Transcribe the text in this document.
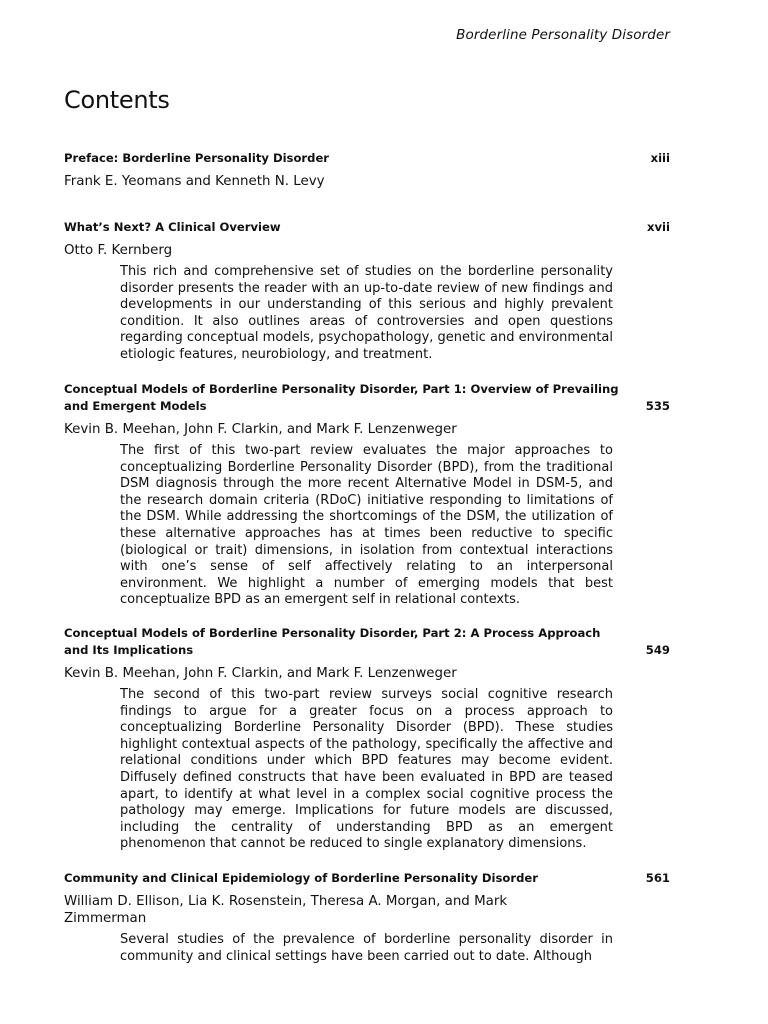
Borderline Personality Disorder
Contents
Preface: Borderline Personality Disorder	xiii
Frank E. Yeomans and Kenneth N. Levy
What’s Next? A Clinical Overview	xvii
Otto F. Kernberg
This rich and comprehensive set of studies on the borderline personality disorder presents the reader with an up-to-date review of new findings and developments in our understanding of this serious and highly prevalent condition. It also outlines areas of controversies and open questions regarding conceptual models, psychopathology, genetic and environmental etiologic features, neurobiology, and treatment.
Conceptual Models of Borderline Personality Disorder, Part 1: Overview of Prevailing and Emergent Models	535
Kevin B. Meehan, John F. Clarkin, and Mark F. Lenzenweger
The first of this two-part review evaluates the major approaches to conceptualizing Borderline Personality Disorder (BPD), from the traditional DSM diagnosis through the more recent Alternative Model in DSM-5, and the research domain criteria (RDoC) initiative responding to limitations of the DSM. While addressing the shortcomings of the DSM, the utilization of these alternative approaches has at times been reductive to specific (biological or trait) dimensions, in isolation from contextual interactions with one’s sense of self affectively relating to an interpersonal environment. We highlight a number of emerging models that best conceptualize BPD as an emergent self in relational contexts.
Conceptual Models of Borderline Personality Disorder, Part 2: A Process Approach and Its Implications	549
Kevin B. Meehan, John F. Clarkin, and Mark F. Lenzenweger
The second of this two-part review surveys social cognitive research findings to argue for a greater focus on a process approach to conceptualizing Borderline Personality Disorder (BPD). These studies highlight contextual aspects of the pathology, specifically the affective and relational conditions under which BPD features may become evident. Diffusely defined constructs that have been evaluated in BPD are teased apart, to identify at what level in a complex social cognitive process the pathology may emerge. Implications for future models are discussed, including the centrality of understanding BPD as an emergent phenomenon that cannot be reduced to single explanatory dimensions.
Community and Clinical Epidemiology of Borderline Personality Disorder	561
William D. Ellison, Lia K. Rosenstein, Theresa A. Morgan, and Mark Zimmerman
Several studies of the prevalence of borderline personality disorder in community and clinical settings have been carried out to date. Although
